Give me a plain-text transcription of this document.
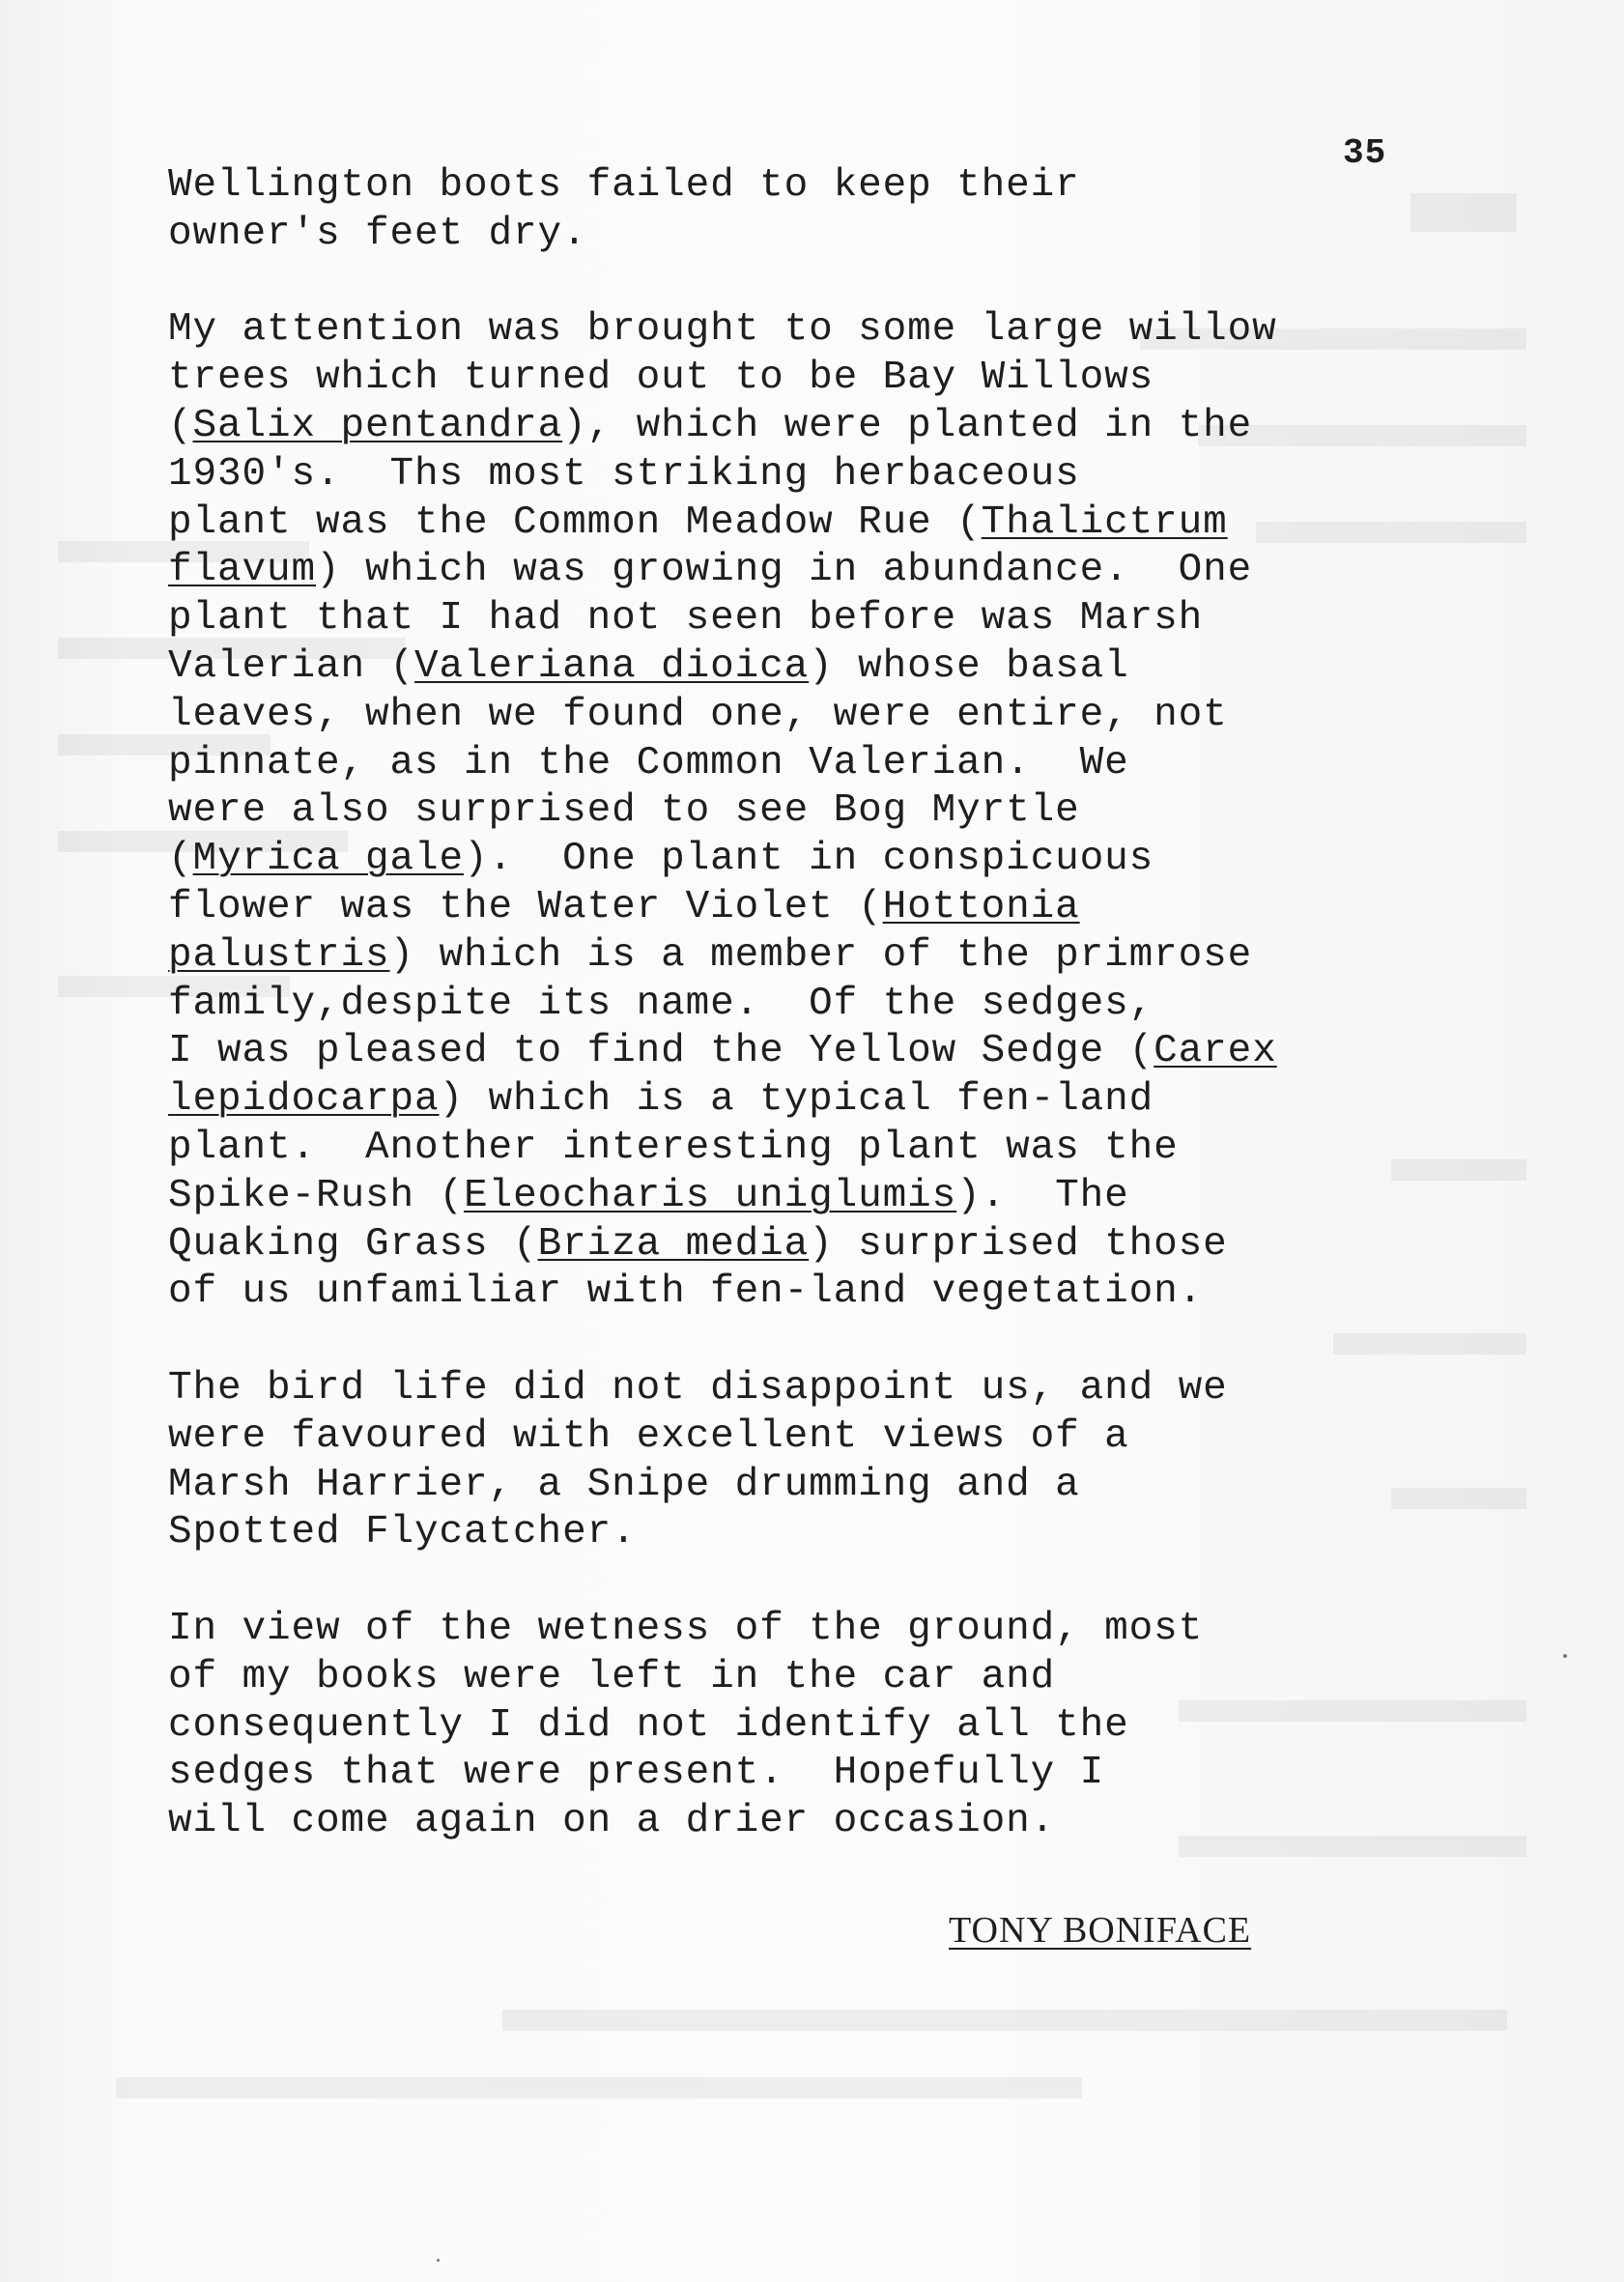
35
Wellington boots failed to keep their
owner's feet dry.
My attention was brought to some large willow
trees which turned out to be Bay Willows
(Salix pentandra), which were planted in the
1930's.  Ths most striking herbaceous
plant was the Common Meadow Rue (Thalictrum
flavum) which was growing in abundance.  One
plant that I had not seen before was Marsh
Valerian (Valeriana dioica) whose basal
leaves, when we found one, were entire, not
pinnate, as in the Common Valerian.  We
were also surprised to see Bog Myrtle
(Myrica gale).  One plant in conspicuous
flower was the Water Violet (Hottonia
palustris) which is a member of the primrose
family,despite its name.  Of the sedges,
I was pleased to find the Yellow Sedge (Carex
lepidocarpa) which is a typical fen-land
plant.  Another interesting plant was the
Spike-Rush (Eleocharis uniglumis).  The
Quaking Grass (Briza media) surprised those
of us unfamiliar with fen-land vegetation.
The bird life did not disappoint us, and we
were favoured with excellent views of a
Marsh Harrier, a Snipe drumming and a
Spotted Flycatcher.
In view of the wetness of the ground, most
of my books were left in the car and
consequently I did not identify all the
sedges that were present.  Hopefully I
will come again on a drier occasion.
TONY BONIFACE
